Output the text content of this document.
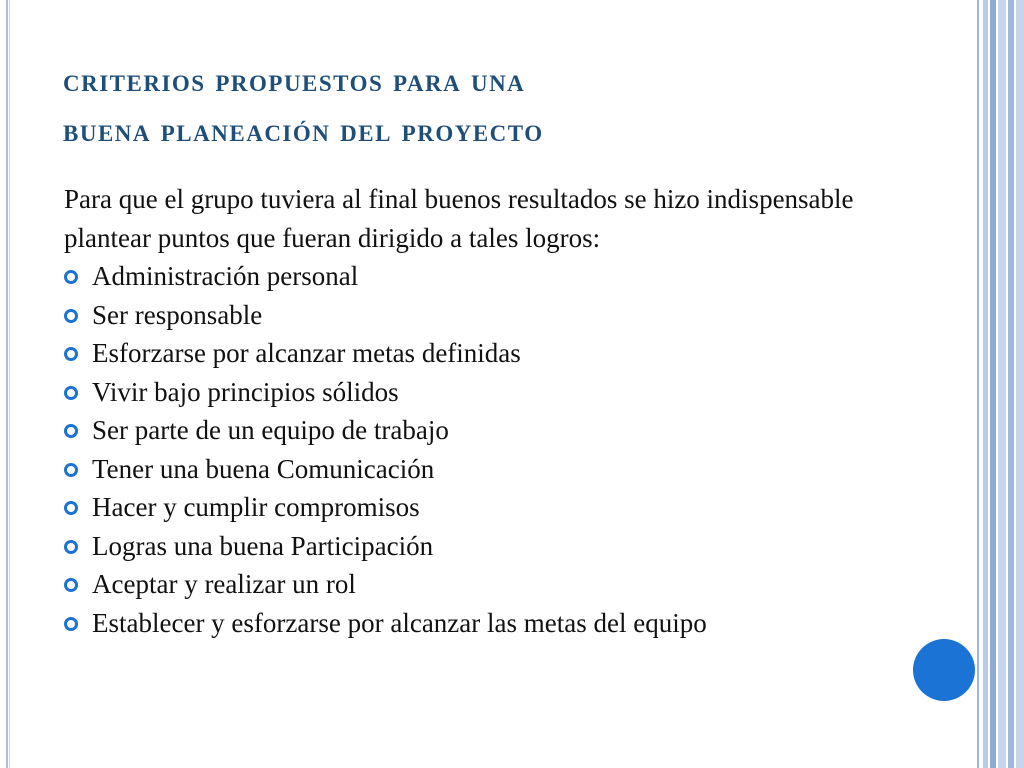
criterios propuestos para una
buena planeación del proyecto

Para que el grupo tuviera al final buenos resultados se hizo indispensable plantear puntos que fueran dirigido a tales logros:

Administración personal
Ser responsable
Esforzarse por alcanzar metas definidas
Vivir bajo principios sólidos
Ser parte de un equipo de trabajo
Tener una buena Comunicación
Hacer y cumplir compromisos
Logras una buena Participación
Aceptar y realizar un rol
Establecer y esforzarse por alcanzar las metas del equipo
